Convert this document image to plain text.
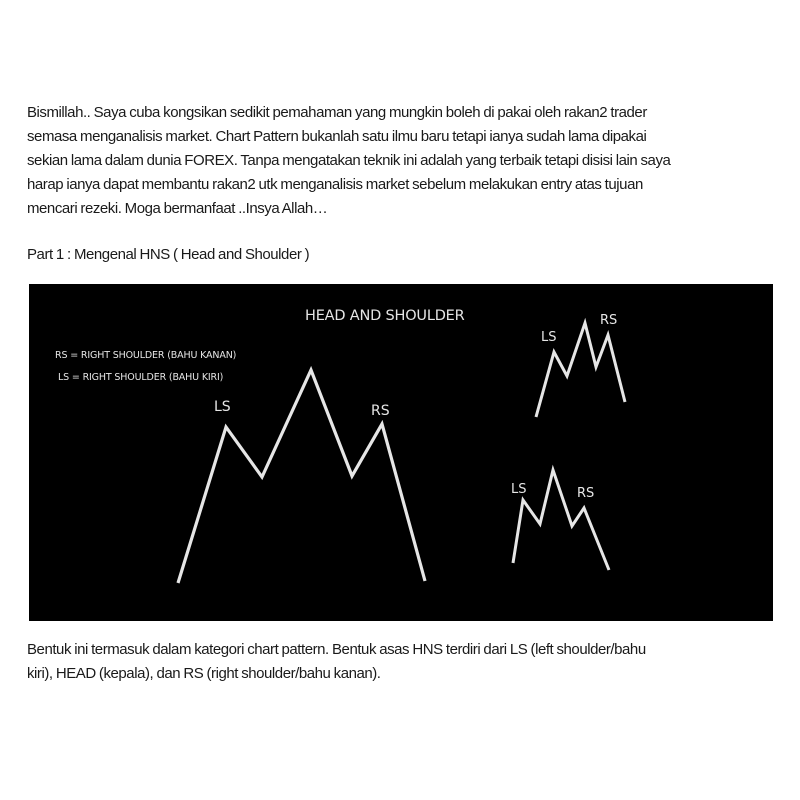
Bismillah.. Saya cuba kongsikan sedikit pemahaman yang mungkin boleh di pakai oleh rakan2 trader
semasa menganalisis market. Chart Pattern bukanlah satu ilmu baru tetapi ianya sudah lama dipakai
sekian lama dalam dunia FOREX. Tanpa mengatakan teknik ini adalah yang terbaik tetapi disisi lain saya
harap ianya dapat membantu rakan2 utk menganalisis market sebelum melakukan entry atas tujuan
mencari rezeki. Moga bermanfaat ..Insya Allah…
Part 1 : Mengenal HNS ( Head and Shoulder )
HEAD AND SHOULDER
RS = RIGHT SHOULDER (BAHU KANAN)
LS = RIGHT SHOULDER (BAHU KIRI)
LS	RS
LS
RS
LS	RS
Bentuk ini termasuk dalam kategori chart pattern. Bentuk asas HNS terdiri dari LS (left shoulder/bahu
kiri), HEAD (kepala), dan RS (right shoulder/bahu kanan).
